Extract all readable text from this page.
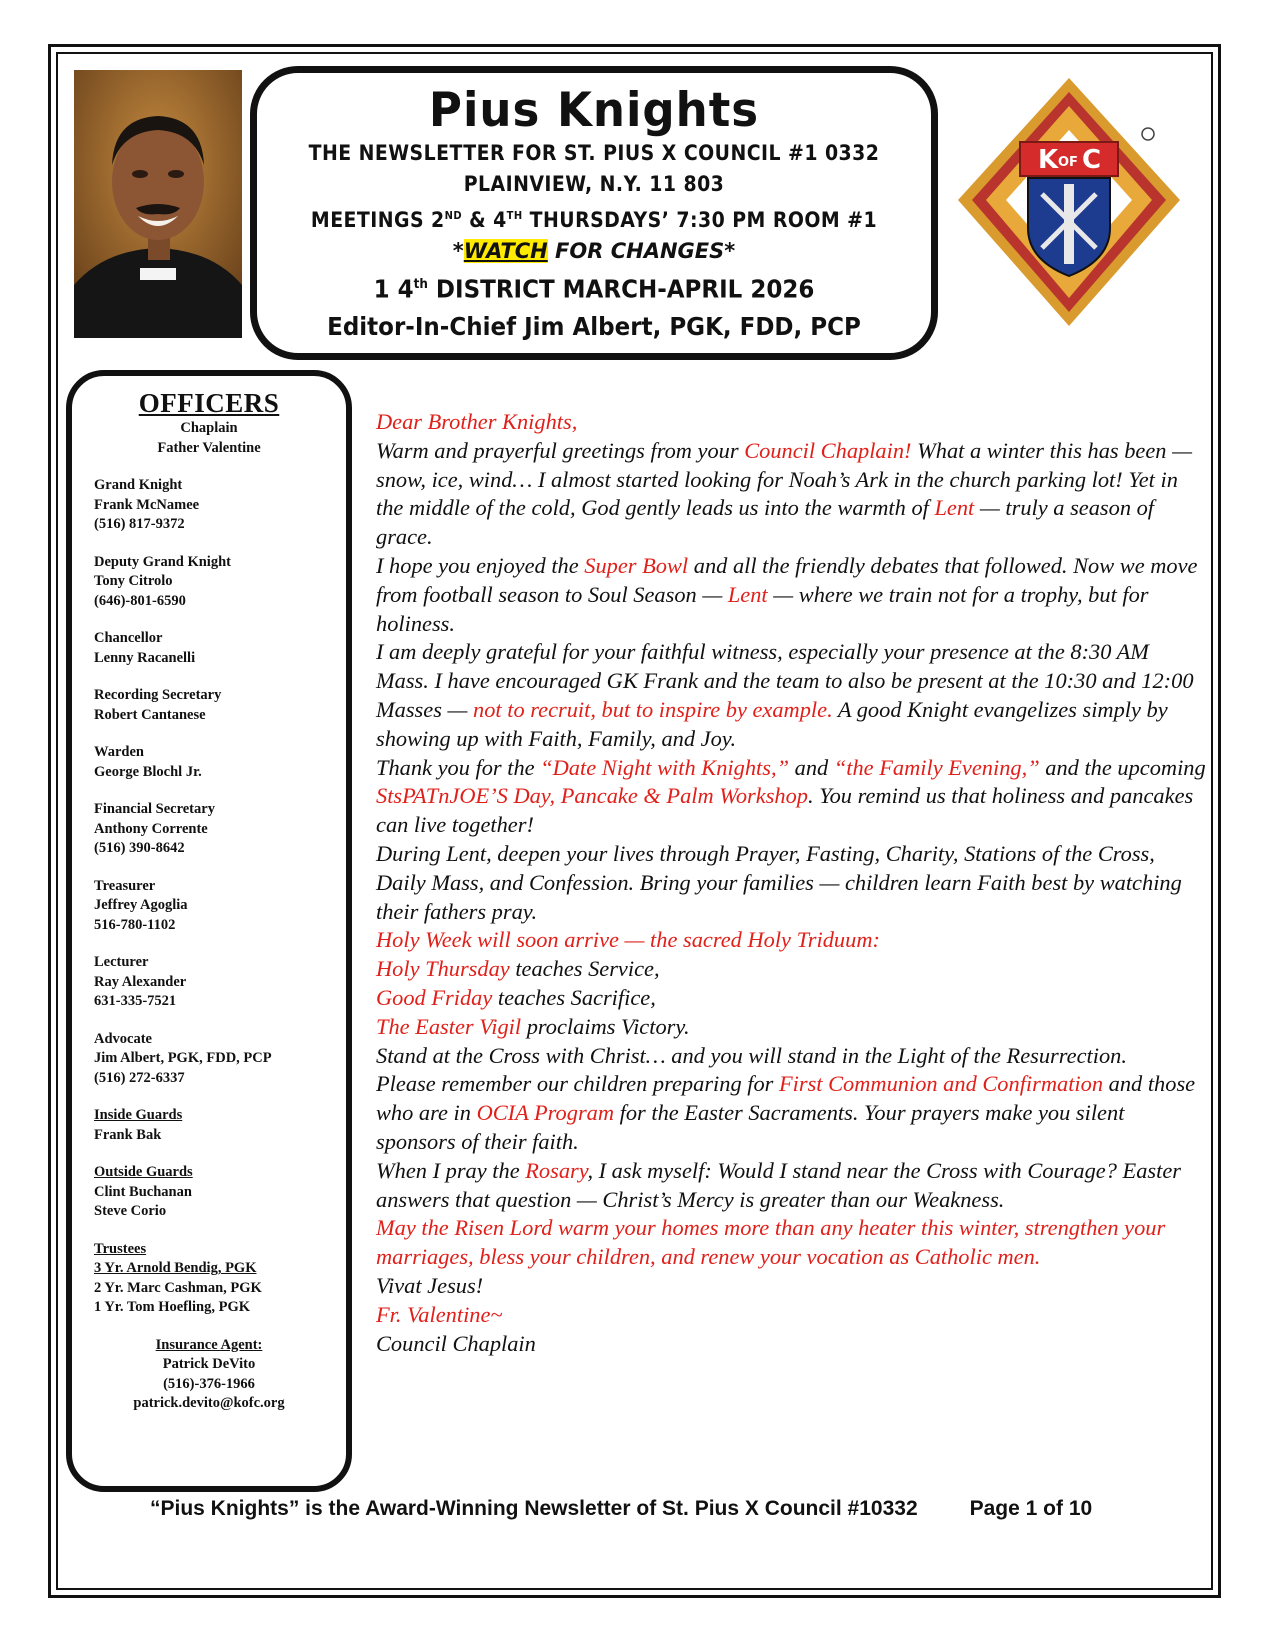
Pius Knights
THE NEWSLETTER FOR ST. PIUS X COUNCIL #1 0332
PLAINVIEW, N.Y. 11 803
MEETINGS 2ND & 4TH THURSDAYS’ 7:30 PM ROOM #1
*WATCH FOR CHANGES*
1 4th DISTRICT MARCH-APRIL 2026
Editor-In-Chief Jim Albert, PGK, FDD, PCP
K OF C
OFFICERS
Chaplain
Father Valentine
Grand Knight
Frank McNamee
(516) 817-9372
Deputy Grand Knight
Tony Citrolo
(646)-801-6590
Chancellor
Lenny Racanelli
Recording Secretary
Robert Cantanese
Warden
George Blochl Jr.
Financial Secretary
Anthony Corrente
(516) 390-8642
Treasurer
Jeffrey Agoglia
516-780-1102
Lecturer
Ray Alexander
631-335-7521
Advocate
Jim Albert, PGK, FDD, PCP
(516) 272-6337
Inside Guards
Frank Bak
Outside Guards
Clint Buchanan
Steve Corio
Trustees
3 Yr. Arnold Bendig, PGK
2 Yr. Marc Cashman, PGK
1 Yr. Tom Hoefling, PGK
Insurance Agent:
Patrick DeVito
(516)-376-1966
patrick.devito@kofc.org

Dear Brother Knights,

Warm and prayerful greetings from your Council Chaplain! What a winter this has been — snow, ice, wind… I almost started looking for Noah’s Ark in the church parking lot! Yet in the middle of the cold, God gently leads us into the warmth of Lent — truly a season of grace.

I hope you enjoyed the Super Bowl and all the friendly debates that followed. Now we move from football season to Soul Season — Lent — where we train not for a trophy, but for holiness.

I am deeply grateful for your faithful witness, especially your presence at the 8:30 AM Mass. I have encouraged GK Frank and the team to also be present at the 10:30 and 12:00 Masses — not to recruit, but to inspire by example. A good Knight evangelizes simply by showing up with Faith, Family, and Joy.

Thank you for the “Date Night with Knights,” and “the Family Evening,” and the upcoming StsPATnJOE’S Day, Pancake & Palm Workshop. You remind us that holiness and pancakes can live together!

During Lent, deepen your lives through Prayer, Fasting, Charity, Stations of the Cross, Daily Mass, and Confession. Bring your families — children learn Faith best by watching their fathers pray.

Holy Week will soon arrive — the sacred Holy Triduum:

Holy Thursday teaches Service,

Good Friday teaches Sacrifice,

The Easter Vigil proclaims Victory.

Stand at the Cross with Christ… and you will stand in the Light of the Resurrection.

Please remember our children preparing for First Communion and Confirmation and those who are in OCIA Program for the Easter Sacraments. Your prayers make you silent sponsors of their faith.

When I pray the Rosary, I ask myself: Would I stand near the Cross with Courage? Easter answers that question — Christ’s Mercy is greater than our Weakness.

May the Risen Lord warm your homes more than any heater this winter, strengthen your marriages, bless your children, and renew your vocation as Catholic men.

Vivat Jesus!

Fr. Valentine~

Council Chaplain

“Pius Knights” is the Award-Winning Newsletter of St. Pius X Council #10332 Page 1 of 10
